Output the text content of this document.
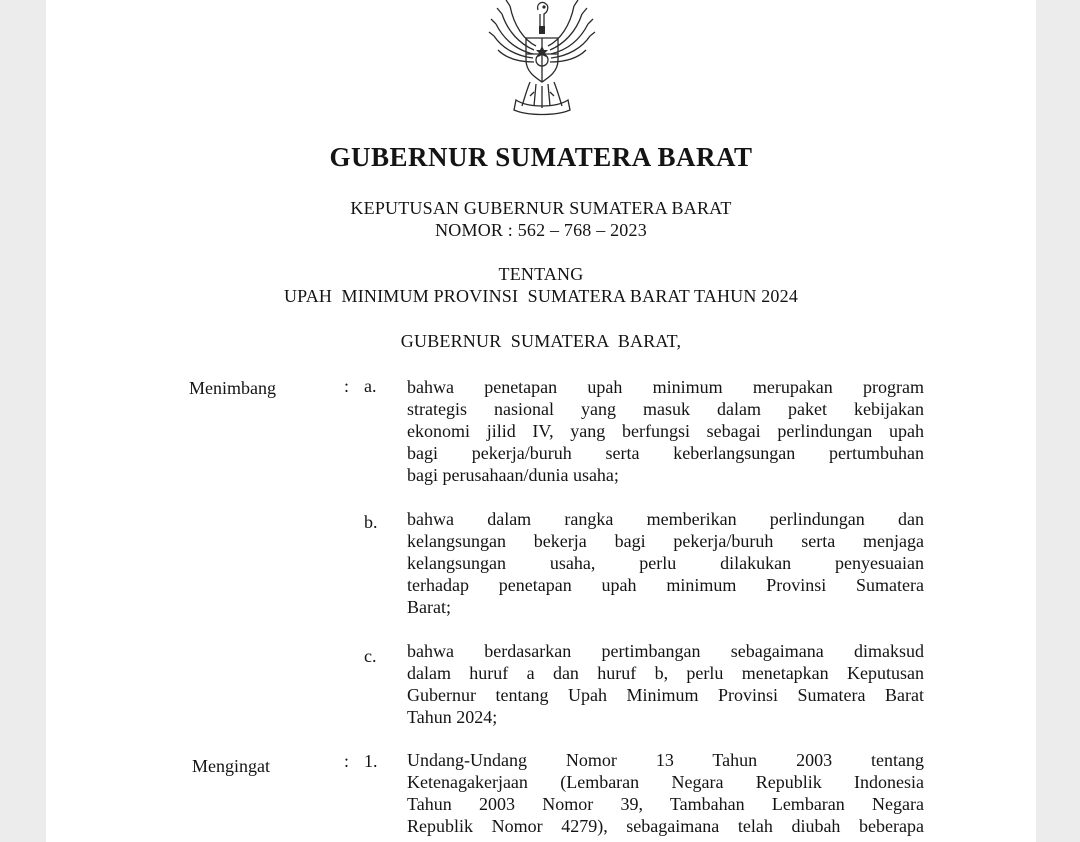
GUBERNUR SUMATERA BARAT
KEPUTUSAN GUBERNUR SUMATERA BARAT
NOMOR : 562 – 768 – 2023
TENTANG
UPAH  MINIMUM PROVINSI  SUMATERA BARAT TAHUN 2024
GUBERNUR  SUMATERA  BARAT,
Menimbang	: a. bahwa penetapan upah minimum merupakan program
strategis nasional yang masuk dalam paket kebijakan
ekonomi jilid IV, yang berfungsi sebagai perlindungan upah
bagi pekerja/buruh serta keberlangsungan pertumbuhan
bagi perusahaan/dunia usaha;
b. bahwa dalam rangka memberikan perlindungan dan
kelangsungan bekerja bagi pekerja/buruh serta menjaga
kelangsungan usaha, perlu dilakukan penyesuaian
terhadap penetapan upah minimum Provinsi Sumatera
Barat;
c. bahwa berdasarkan pertimbangan sebagaimana dimaksud
dalam huruf a dan huruf b, perlu menetapkan Keputusan
Gubernur tentang Upah Minimum Provinsi Sumatera Barat
Tahun 2024;
Mengingat	: 1. Undang-Undang Nomor 13 Tahun 2003 tentang
Ketenagakerjaan (Lembaran Negara Republik Indonesia
Tahun 2003 Nomor 39, Tambahan Lembaran Negara
Republik Nomor 4279), sebagaimana telah diubah beberapa
